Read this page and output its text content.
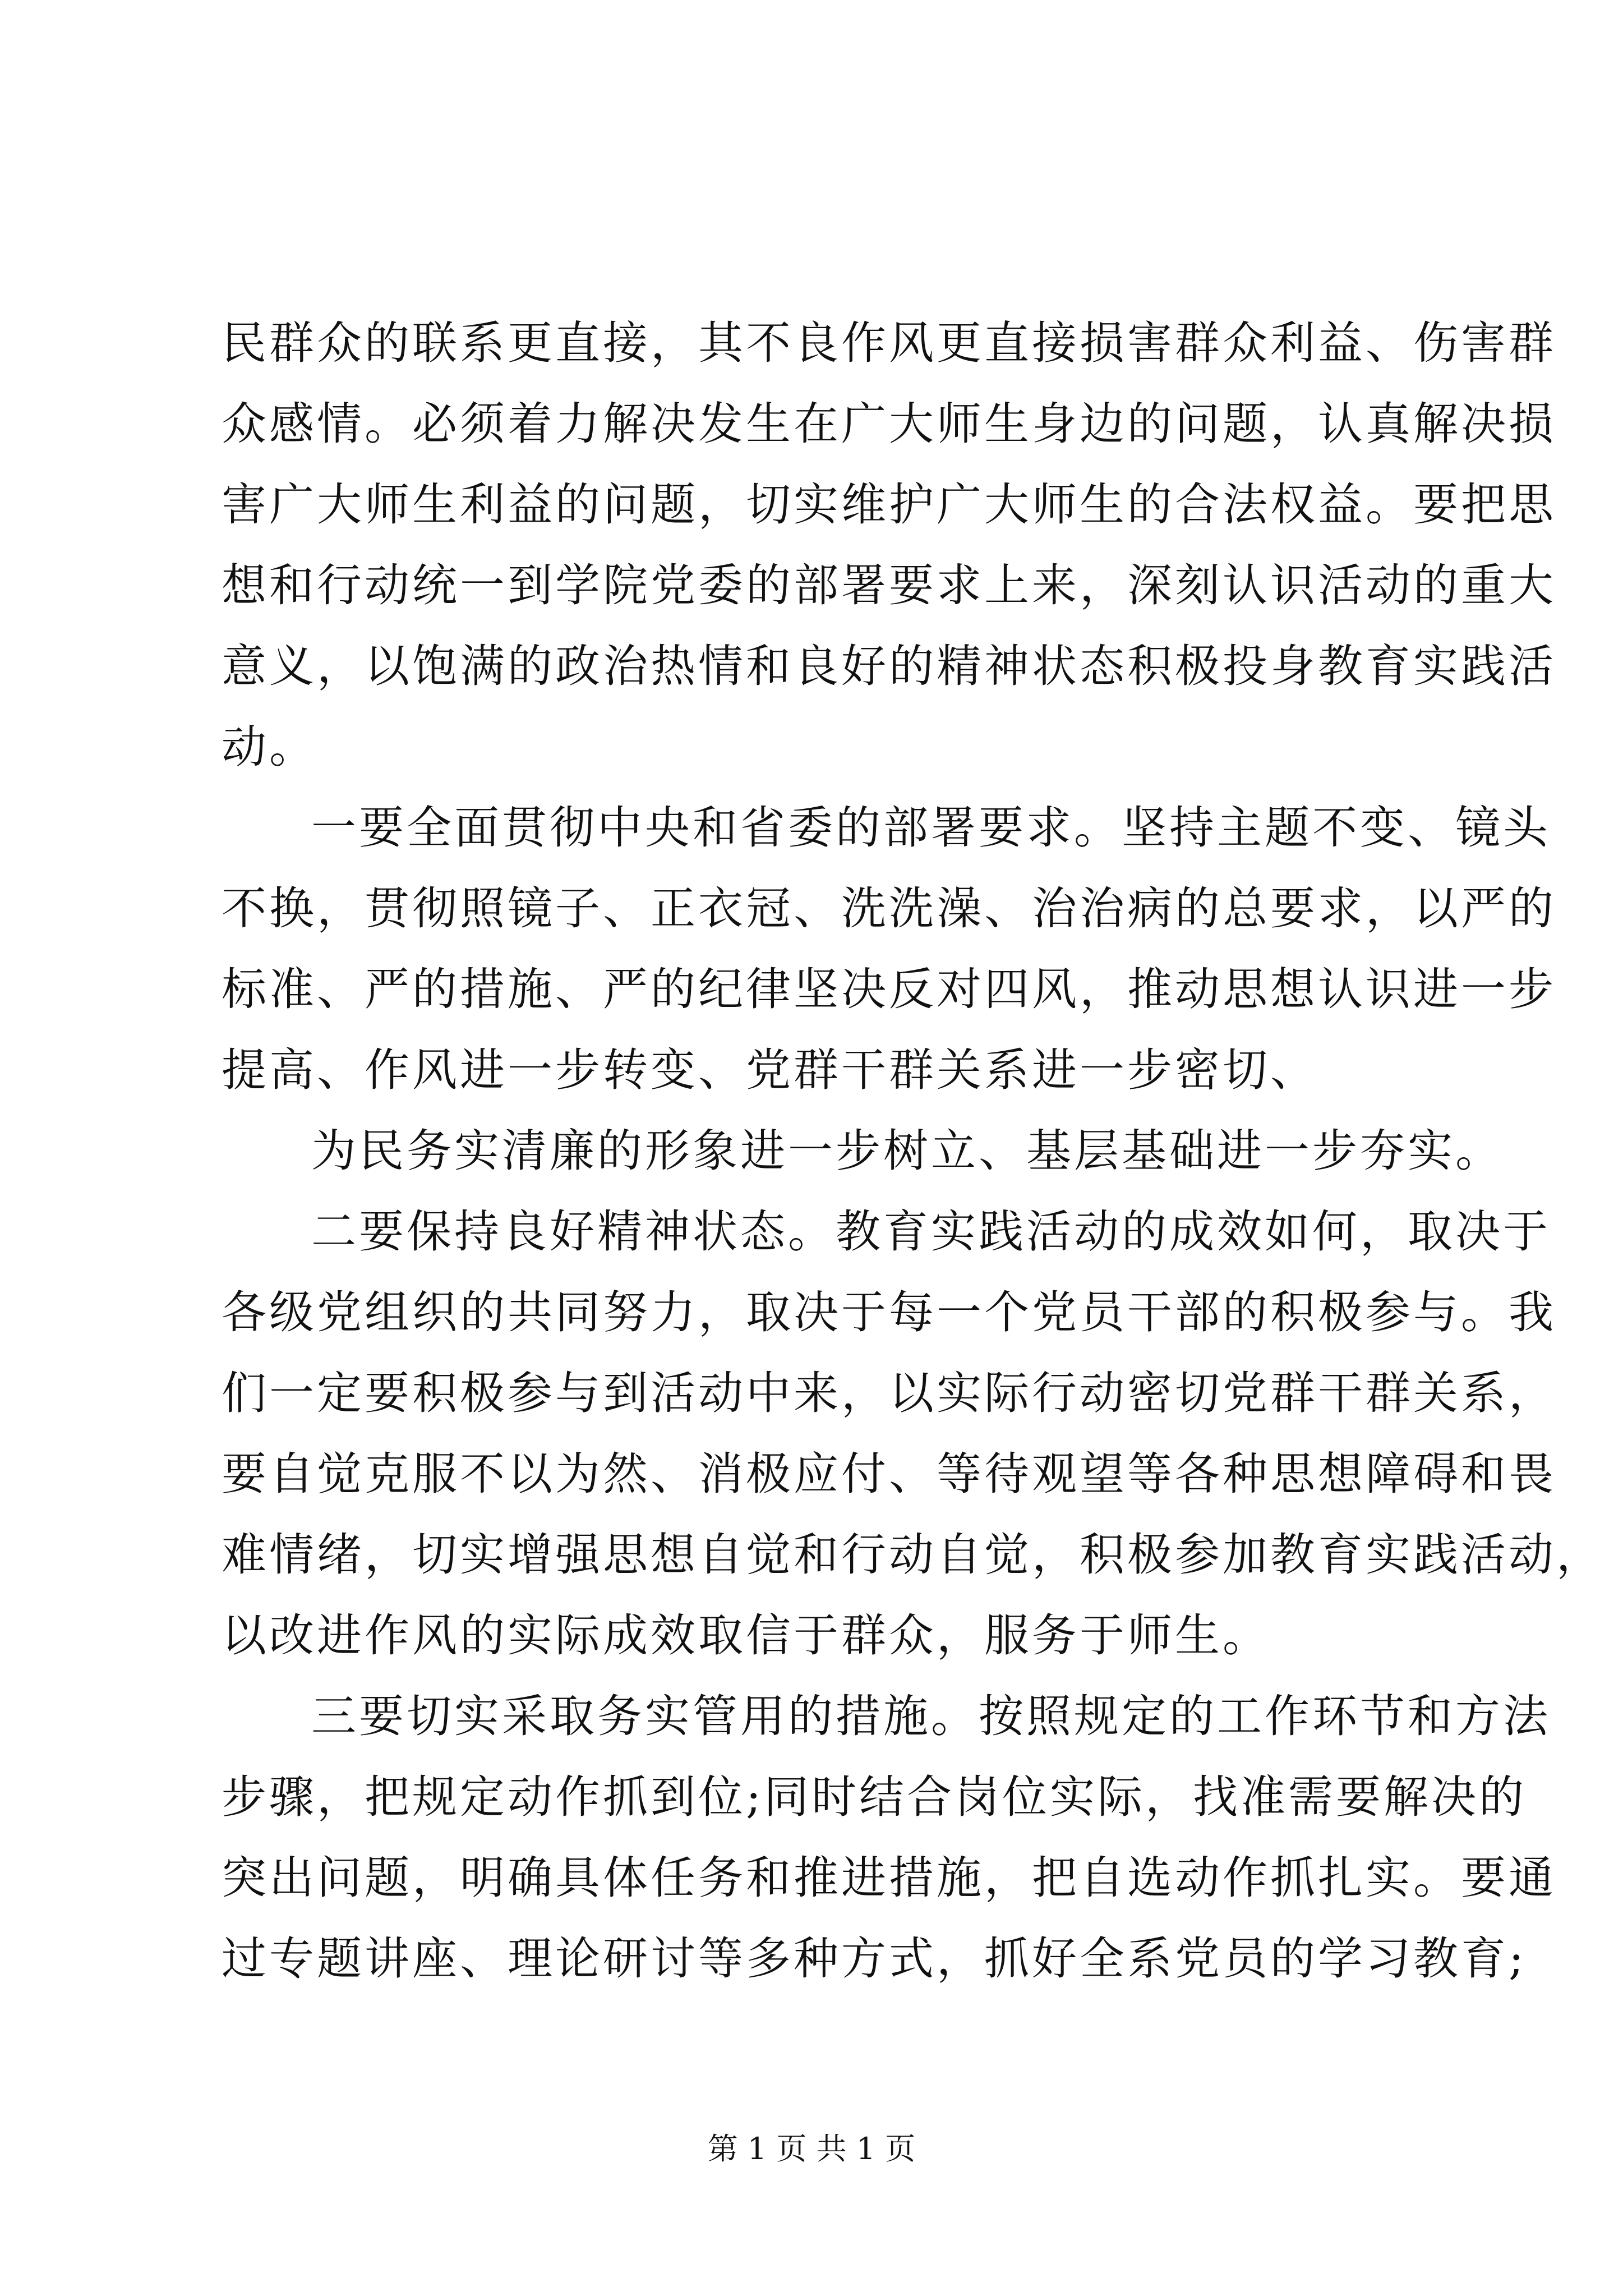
民群众的联系更直接，其不良作风更直接损害群众利益、伤害群
众感情。必须着力解决发生在广大师生身边的问题，认真解决损
害广大师生利益的问题，切实维护广大师生的合法权益。要把思
想和行动统一到学院党委的部署要求上来，深刻认识活动的重大
意义，以饱满的政治热情和良好的精神状态积极投身教育实践活
动。
一要全面贯彻中央和省委的部署要求。坚持主题不变、镜头
不换，贯彻照镜子、正衣冠、洗洗澡、治治病的总要求，以严的
标准、严的措施、严的纪律坚决反对四风，推动思想认识进一步
提高、作风进一步转变、党群干群关系进一步密切、
为民务实清廉的形象进一步树立、基层基础进一步夯实。
二要保持良好精神状态。教育实践活动的成效如何，取决于
各级党组织的共同努力，取决于每一个党员干部的积极参与。我
们一定要积极参与到活动中来，以实际行动密切党群干群关系，
要自觉克服不以为然、消极应付、等待观望等各种思想障碍和畏
难情绪，切实增强思想自觉和行动自觉，积极参加教育实践活动，
以改进作风的实际成效取信于群众，服务于师生。
三要切实采取务实管用的措施。按照规定的工作环节和方法
步骤，把规定动作抓到位;同时结合岗位实际，找准需要解决的
突出问题，明确具体任务和推进措施，把自选动作抓扎实。要通
过专题讲座、理论研讨等多种方式，抓好全系党员的学习教育;
第 1 页 共 1 页
